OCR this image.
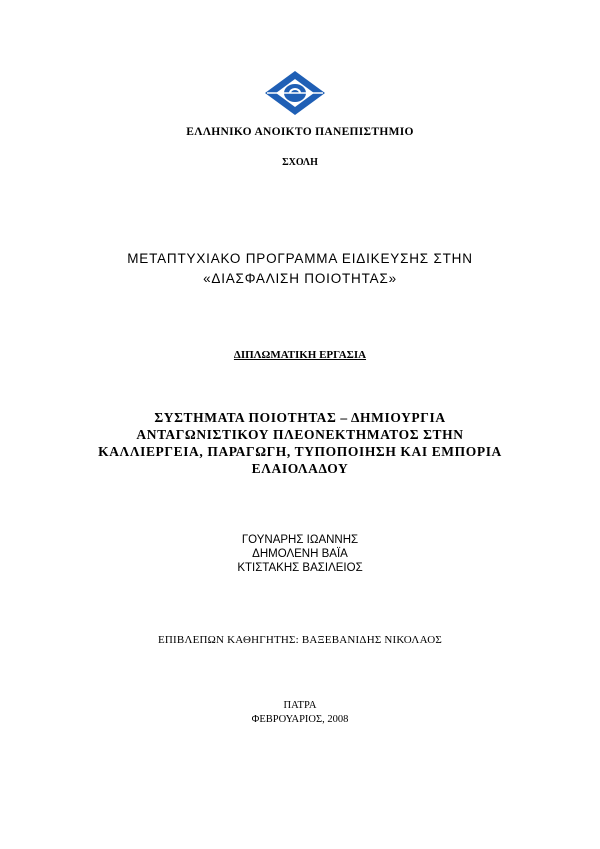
ΕΛΛΗΝΙΚΟ ΑΝΟΙΚΤΟ ΠΑΝΕΠΙΣΤΗΜΙΟ
ΣΧΟΛΗ
ΜΕΤΑΠΤΥΧΙΑΚΟ ΠΡΟΓΡΑΜΜΑ ΕΙΔΙΚΕΥΣΗΣ ΣΤΗΝ
«ΔΙΑΣΦΑΛΙΣΗ ΠΟΙΟΤΗΤΑΣ»
ΔΙΠΛΩΜΑΤΙΚΗ ΕΡΓΑΣΙΑ
ΣΥΣΤΗΜΑΤΑ ΠΟΙΟΤΗΤΑΣ – ΔΗΜΙΟΥΡΓΙΑ
ΑΝΤΑΓΩΝΙΣΤΙΚΟΥ ΠΛΕΟΝΕΚΤΗΜΑΤΟΣ ΣΤΗΝ
ΚΑΛΛΙΕΡΓΕΙΑ, ΠΑΡΑΓΩΓΗ, ΤΥΠΟΠΟΙΗΣΗ ΚΑΙ ΕΜΠΟΡΙΑ
ΕΛΑΙΟΛΑΔΟΥ
ΓΟΥΝΑΡΗΣ ΙΩΑΝΝΗΣ
ΔΗΜΟΛΕΝΗ ΒΑΪΑ
ΚΤΙΣΤΑΚΗΣ ΒΑΣΙΛΕΙΟΣ
ΕΠΙΒΛΕΠΩΝ ΚΑΘΗΓΗΤΗΣ: ΒΑΞΕΒΑΝΙΔΗΣ ΝΙΚΟΛΑΟΣ
ΠΑΤΡΑ
ΦΕΒΡΟΥΑΡΙΟΣ, 2008
